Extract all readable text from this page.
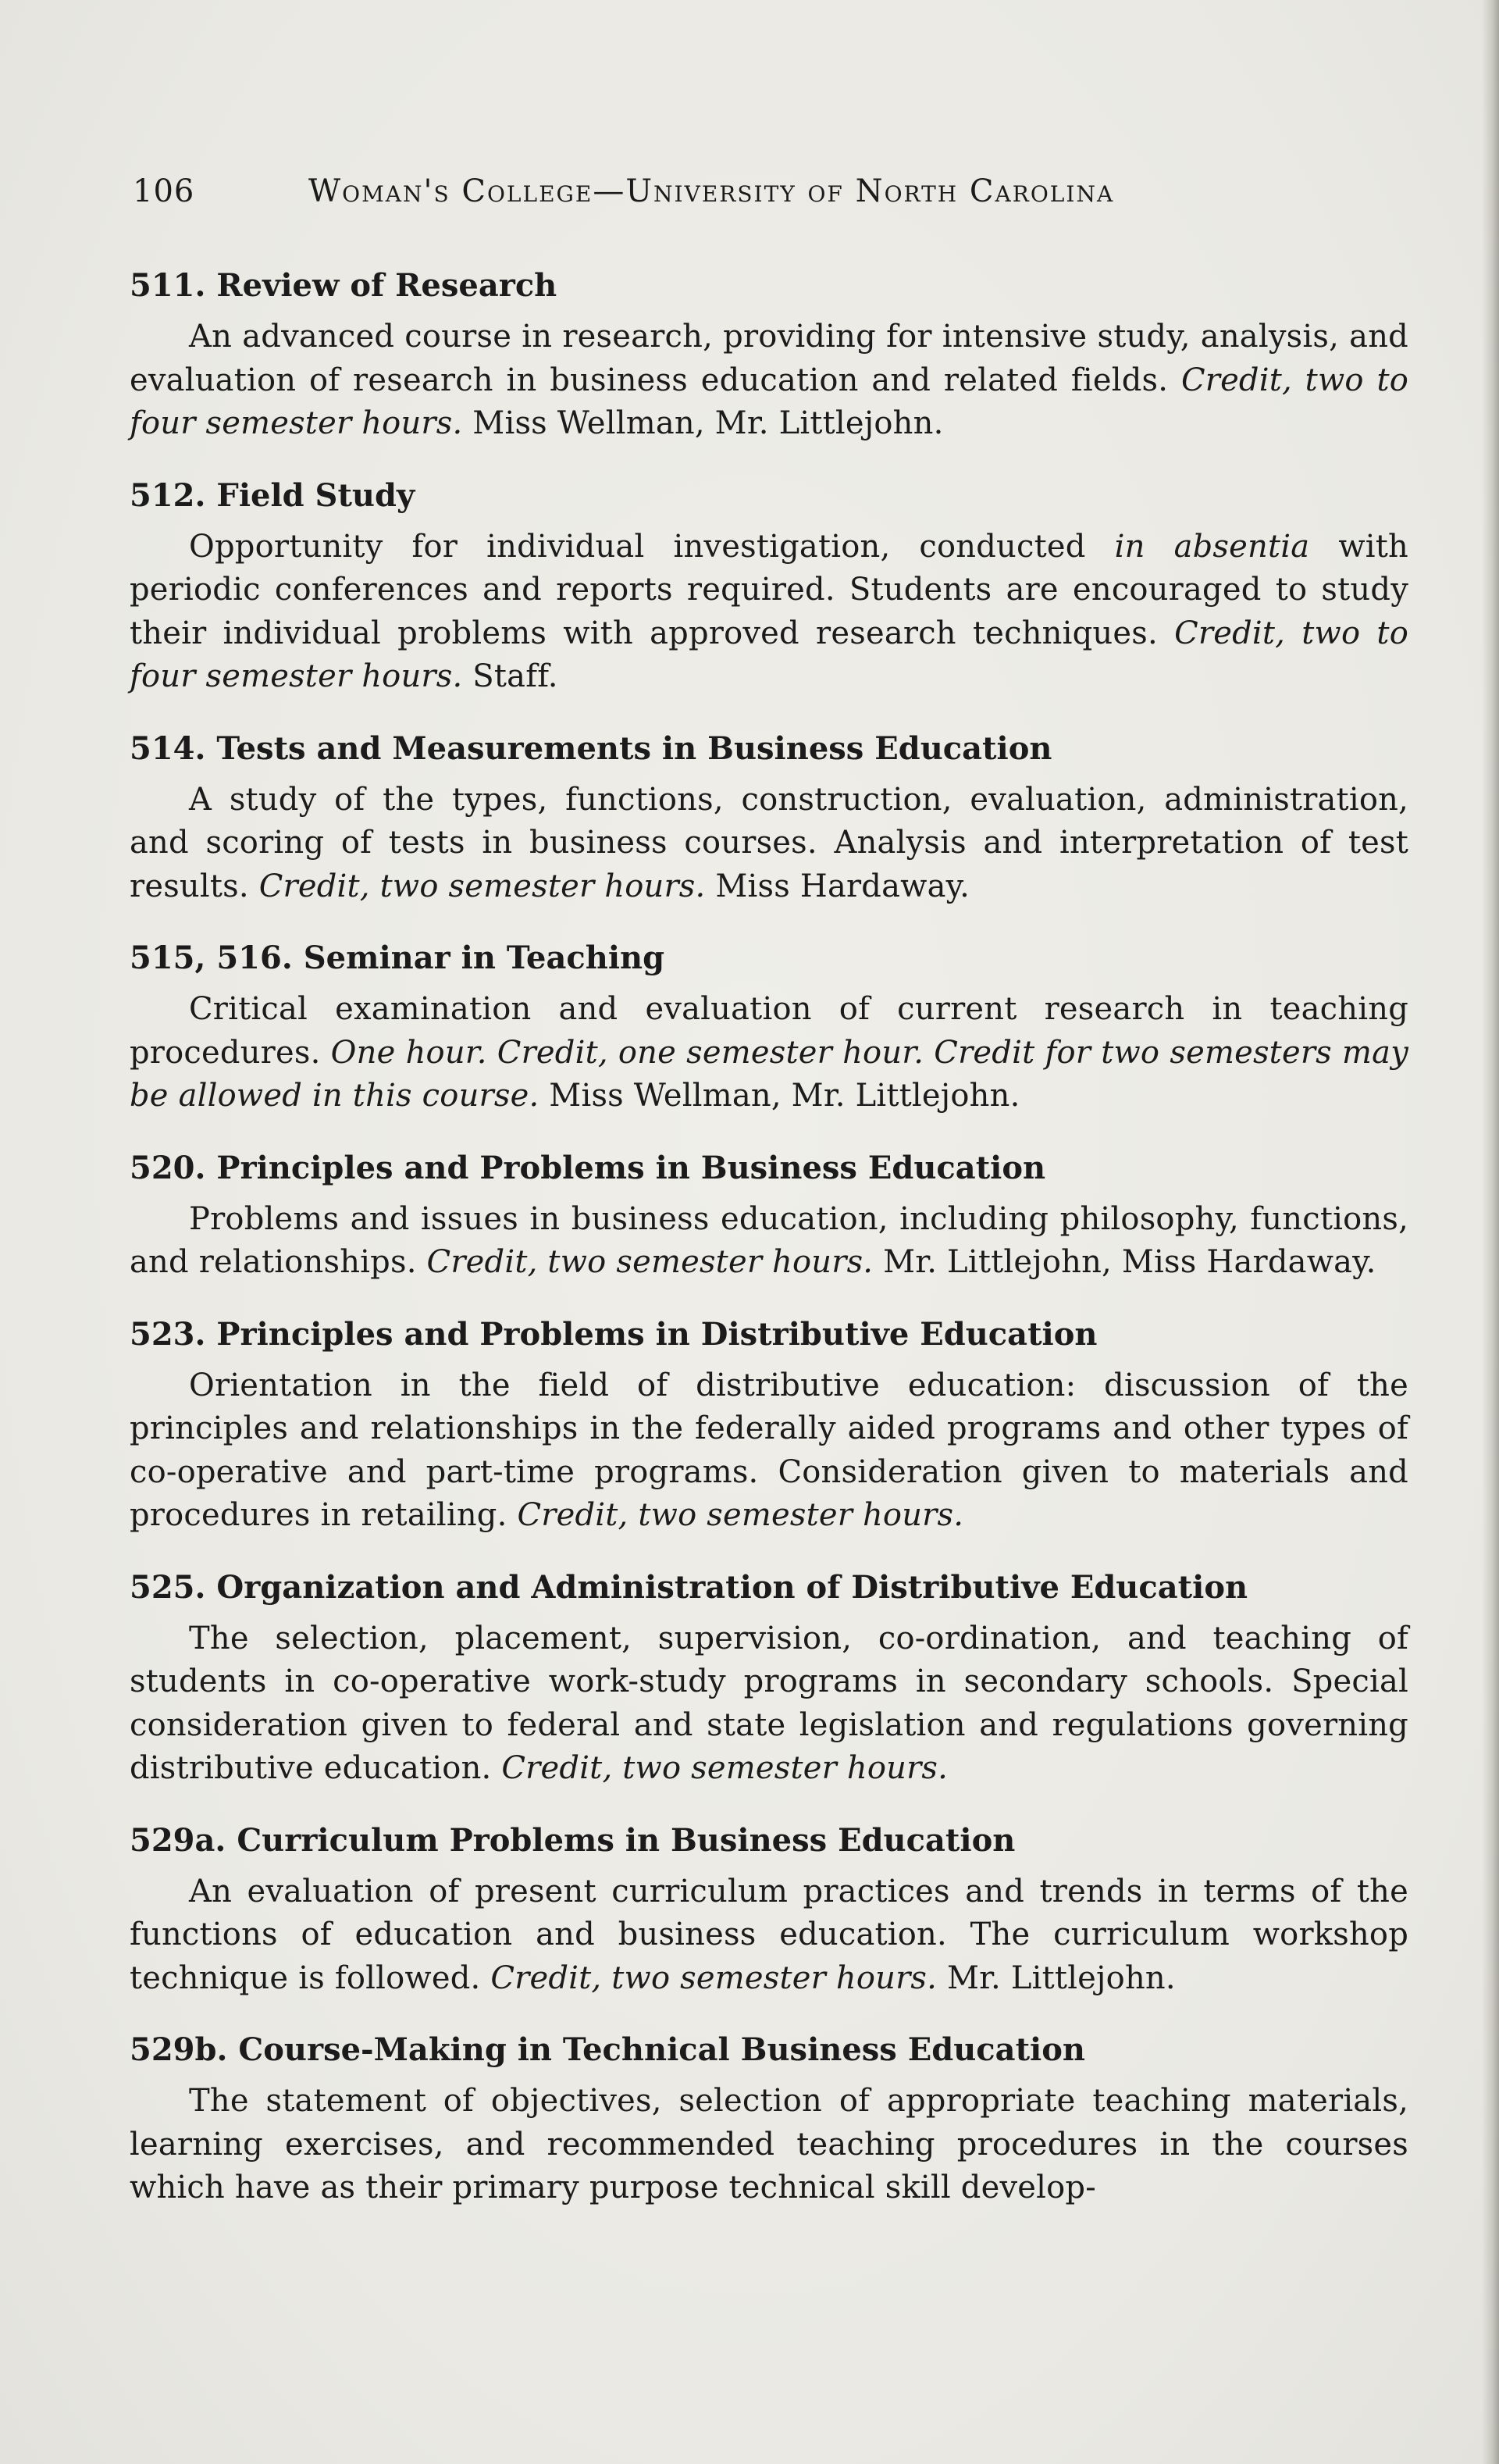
106	Woman's College—University of North Carolina
511. Review of Research

An advanced course in research, providing for intensive study, analysis, and evaluation of research in business education and related fields. Credit, two to four semester hours. Miss Wellman, Mr. Littlejohn.

512. Field Study

Opportunity for individual investigation, conducted in absentia with periodic conferences and reports required. Students are encouraged to study their individual problems with approved research techniques. Credit, two to four semester hours. Staff.

514. Tests and Measurements in Business Education

A study of the types, functions, construction, evaluation, administration, and scoring of tests in business courses. Analysis and interpretation of test results. Credit, two semester hours. Miss Hardaway.

515, 516. Seminar in Teaching

Critical examination and evaluation of current research in teaching procedures. One hour. Credit, one semester hour. Credit for two semesters may be allowed in this course. Miss Wellman, Mr. Littlejohn.

520. Principles and Problems in Business Education

Problems and issues in business education, including philosophy, functions, and relationships. Credit, two semester hours. Mr. Littlejohn, Miss Hardaway.

523. Principles and Problems in Distributive Education

Orientation in the field of distributive education: discussion of the principles and relationships in the federally aided programs and other types of co-operative and part-time programs. Consideration given to materials and procedures in retailing. Credit, two semester hours.

525. Organization and Administration of Distributive Education

The selection, placement, supervision, co-ordination, and teaching of students in co-operative work-study programs in secondary schools. Special consideration given to federal and state legislation and regulations governing distributive education. Credit, two semester hours.

529a. Curriculum Problems in Business Education

An evaluation of present curriculum practices and trends in terms of the functions of education and business education. The curriculum workshop technique is followed. Credit, two semester hours. Mr. Littlejohn.

529b. Course-Making in Technical Business Education

The statement of objectives, selection of appropriate teaching materials, learning exercises, and recommended teaching procedures in the courses which have as their primary purpose technical skill develop-
